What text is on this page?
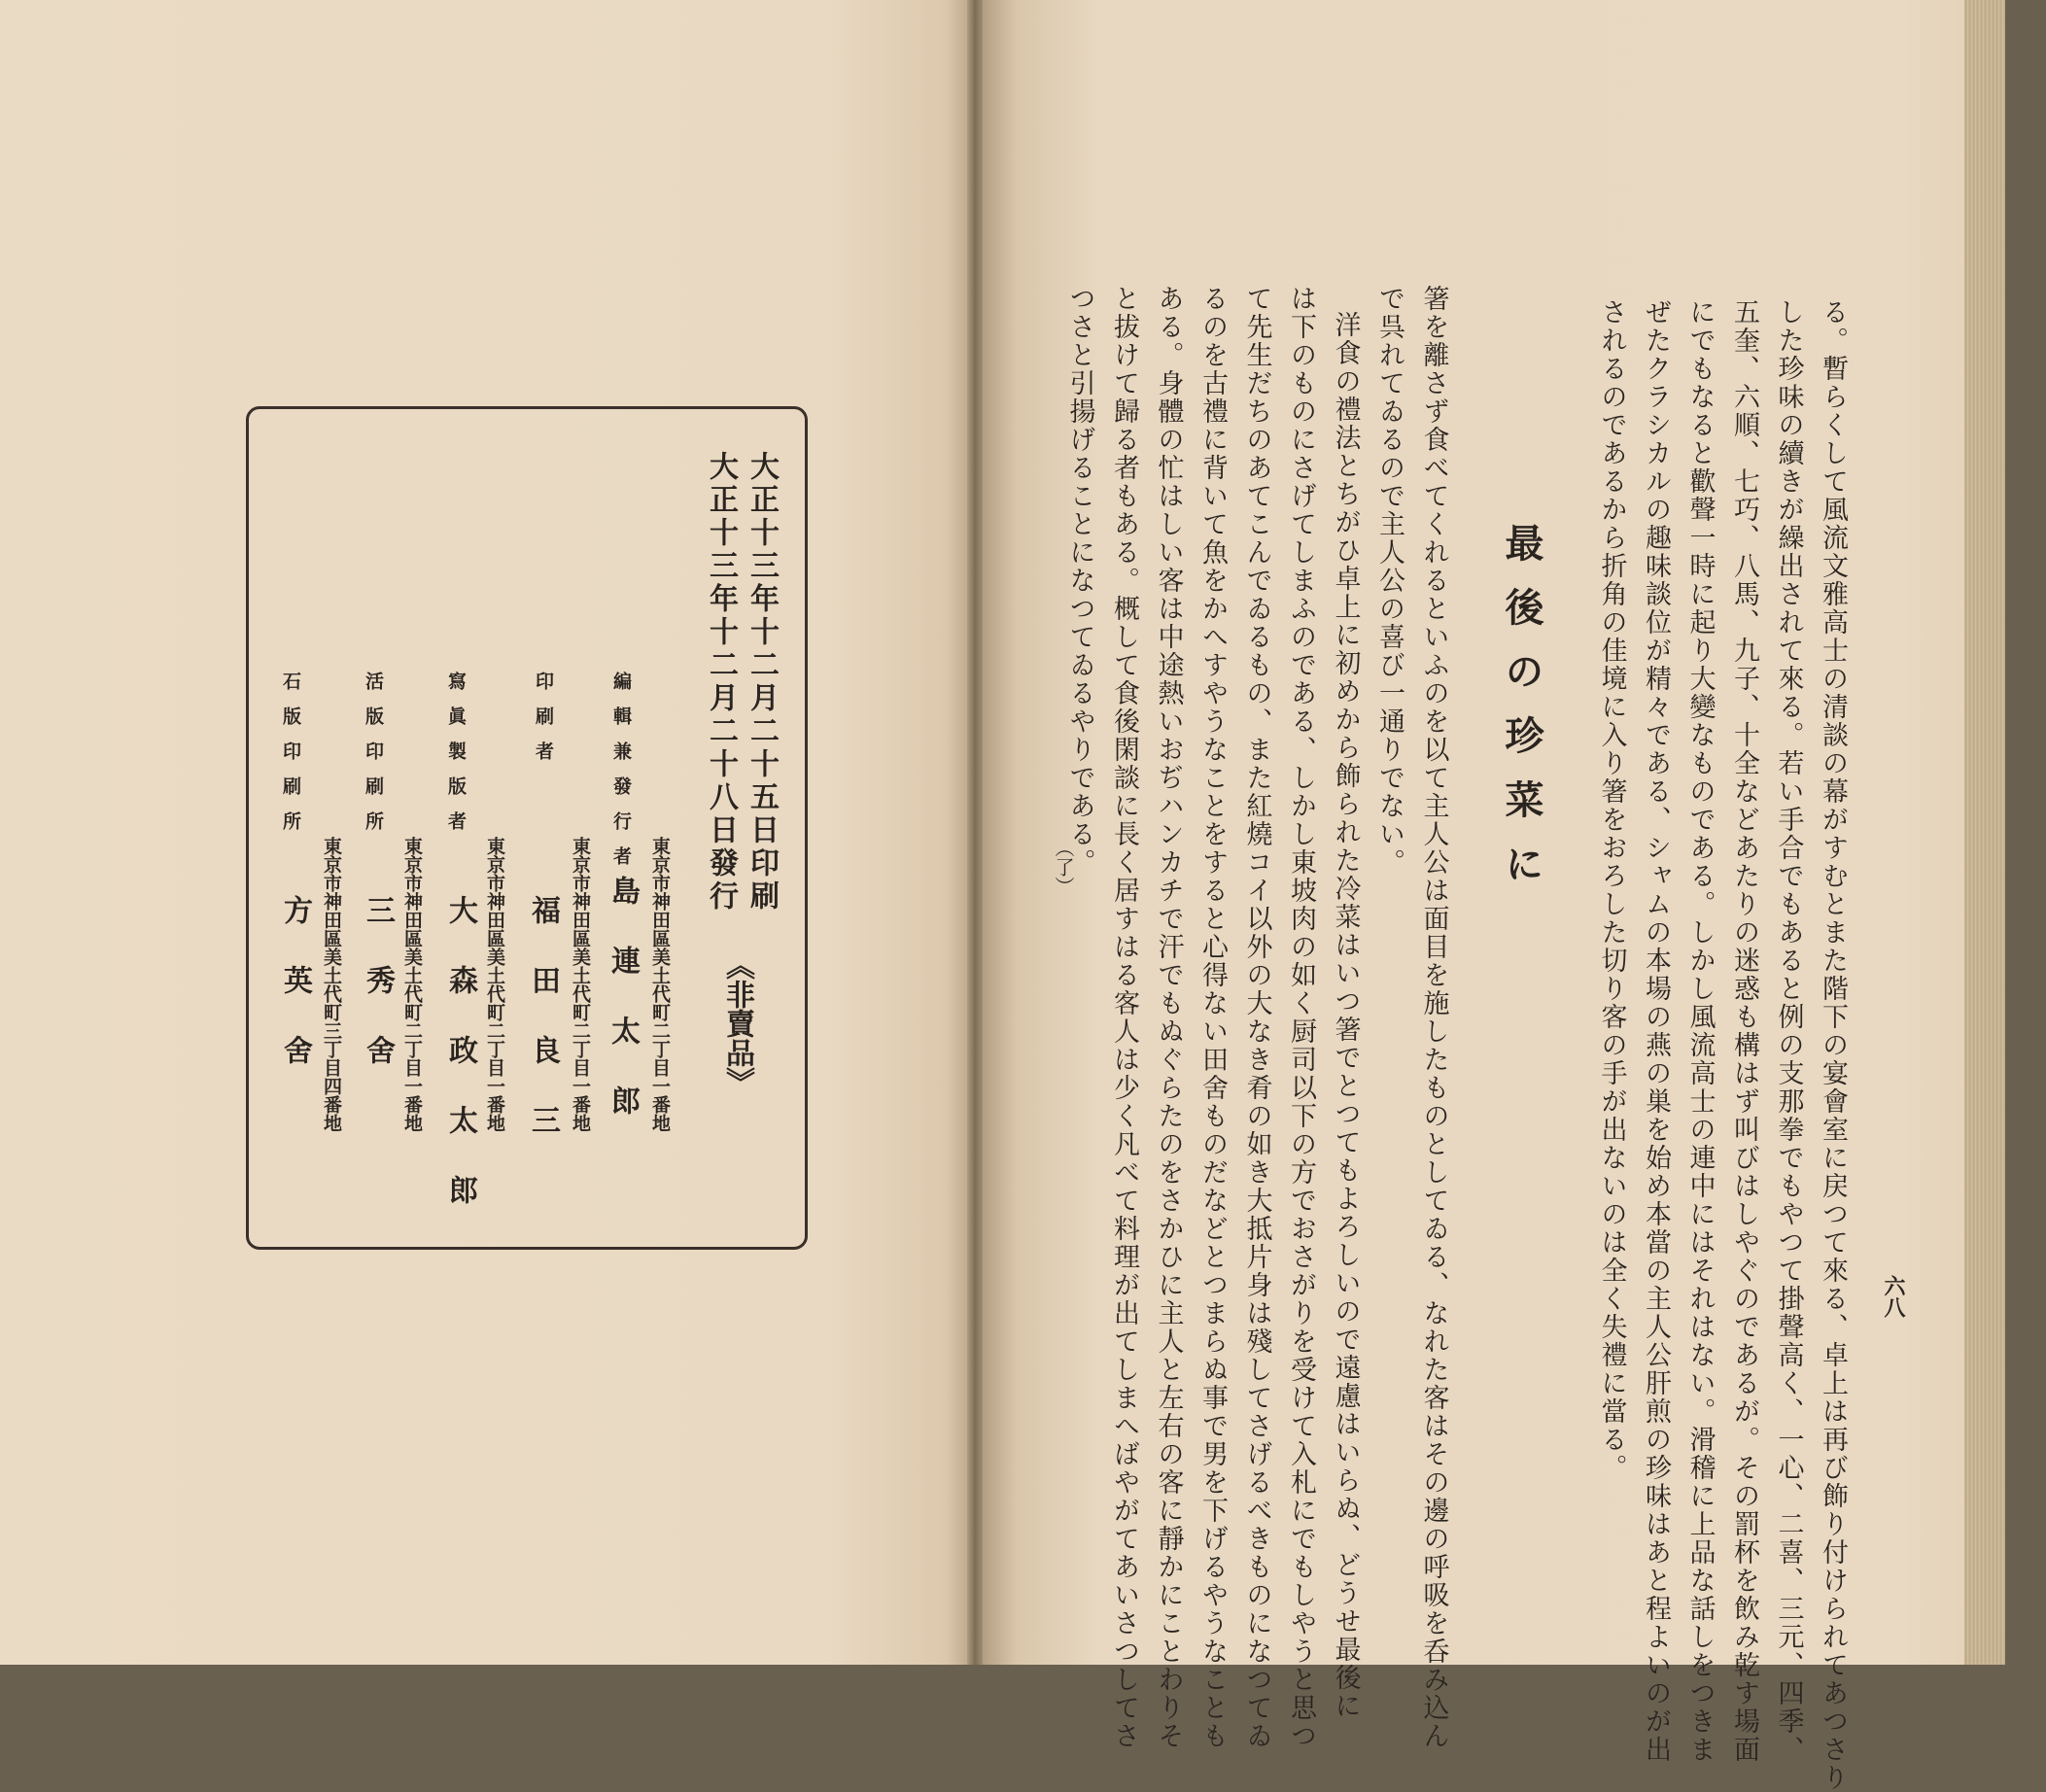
大正十三年十二月二十五日印刷
大正十三年十二月二十八日發行
《非賣品》
編輯兼發行者
東京市神田區美土代町二丁目一番地
島連太郎
印刷者
東京市神田區美土代町二丁目一番地
福田良三
寫眞製版者
東京市神田區美土代町二丁目一番地
大森政太郎
活版印刷所
東京市神田區美土代町二丁目一番地
三秀舍
石版印刷所
東京市神田區美土代町三丁目四番地
方英舍	る。暫らくして風流文雅高士の清談の幕がすむとまた階下の宴會室に戻つて來る、卓上は再び飾り付けられてあつさり
した珍味の續きが繰出されて來る。若い手合でもあると例の支那拳でもやつて掛聲高く、一心、二喜、三元、四季、
五奎、六順、七巧、八馬、九子、十全などあたりの迷惑も構はず叫びはしやぐのであるが。その罰杯を飲み乾す場面
にでもなると歡聲一時に起り大變なものである。しかし風流高士の連中にはそれはない。滑稽に上品な話しをつきま
ぜたクラシカルの趣味談位が精々である、シャムの本場の燕の巣を始め本當の主人公肝煎の珍味はあと程よいのが出
されるのであるから折角の佳境に入り箸をおろした切り客の手が出ないのは全く失禮に當る。
最後の珍菜に
箸を離さず食べてくれるといふのを以て主人公は面目を施したものとしてゐる、なれた客はその邊の呼吸を呑み込ん
で呉れてゐるので主人公の喜び一通りでない。
洋食の禮法とちがひ卓上に初めから飾られた冷菜はいつ箸でとつてもよろしいので遠慮はいらぬ、どうせ最後に
は下のものにさげてしまふのである、しかし東坡肉の如く厨司以下の方でおさがりを受けて入札にでもしやうと思つ
て先生だちのあてこんでゐるもの、また紅燒コイ以外の大なき肴の如き大抵片身は殘してさげるべきものになつてゐ
るのを古禮に背いて魚をかへすやうなことをすると心得ない田舍ものだなどとつまらぬ事で男を下げるやうなことも
ある。身體の忙はしい客は中途熱いおぢハンカチで汗でもぬぐらたのをさかひに主人と左右の客に靜かにことわりそ
と拔けて歸る者もある。概して食後閑談に長く居すはる客人は少く凡べて料理が出てしまへばやがてあいさつしてさ
つさと引揚げることになつてゐるやりである。
（了）
六八
